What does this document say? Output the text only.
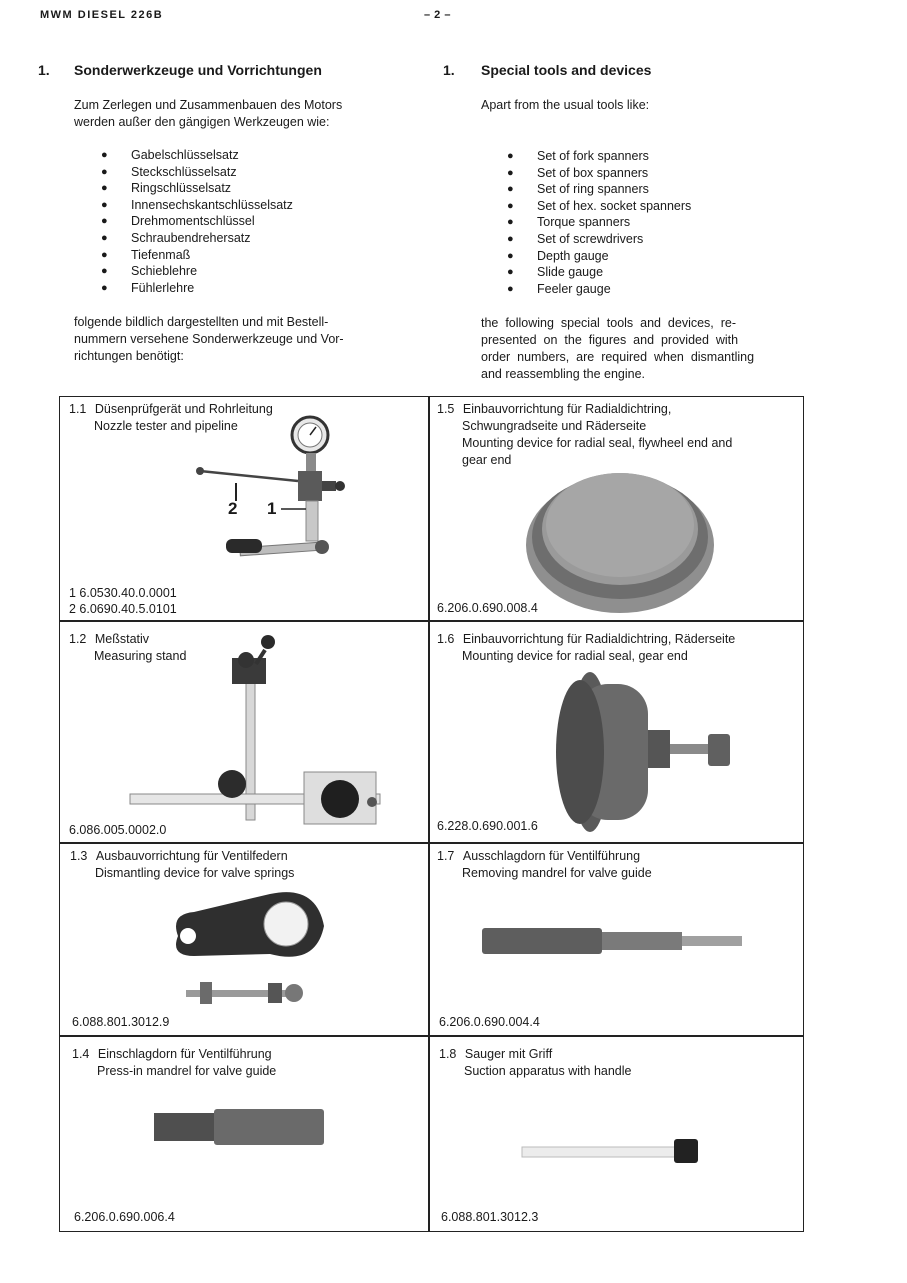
MWM DIESEL 226B	– 2 –
1. Sonderwerkzeuge und Vorrichtungen
Zum Zerlegen und Zusammenbauen des Motors
werden außer den gängigen Werkzeugen wie:
● Gabelschlüsselsatz
● Steckschlüsselsatz
● Ringschlüsselsatz
● Innensechskantschlüsselsatz
● Drehmomentschlüssel
● Schraubendrehersatz
● Tiefenmaß
● Schieblehre
● Fühlerlehre
folgende bildlich dargestellten und mit Bestell-
nummern versehene Sonderwerkzeuge und Vor-
richtungen benötigt:
1. Special tools and devices
Apart from the usual tools like:
● Set of fork spanners
● Set of box spanners
● Set of ring spanners
● Set of hex. socket spanners
● Torque spanners
● Set of screwdrivers
● Depth gauge
● Slide gauge
● Feeler gauge
the  following  special  tools  and  devices,  re-
presented  on  the  figures  and  provided  with
order  numbers,  are  required  when  dismantling
and reassembling the engine.
1.1 Düsenprüfgerät und Rohrleitung
Nozzle tester and pipeline
2 1
1 6.0530.40.0.0001
2 6.0690.40.5.0101
1.5 Einbauvorrichtung für Radialdichtring,
Schwungradseite und Räderseite
Mounting device for radial seal, flywheel end and
gear end
6.206.0.690.008.4
1.2 Meßstativ
Measuring stand
6.086.005.0002.0
1.6 Einbauvorrichtung für Radialdichtring, Räderseite
Mounting device for radial seal, gear end
6.228.0.690.001.6
1.3 Ausbauvorrichtung für Ventilfedern
Dismantling device for valve springs
6.088.801.3012.9
1.7 Ausschlagdorn für Ventilführung
Removing mandrel for valve guide
6.206.0.690.004.4
1.4 Einschlagdorn für Ventilführung
Press-in mandrel for valve guide
6.206.0.690.006.4
1.8 Sauger mit Griff
Suction apparatus with handle
6.088.801.3012.3
